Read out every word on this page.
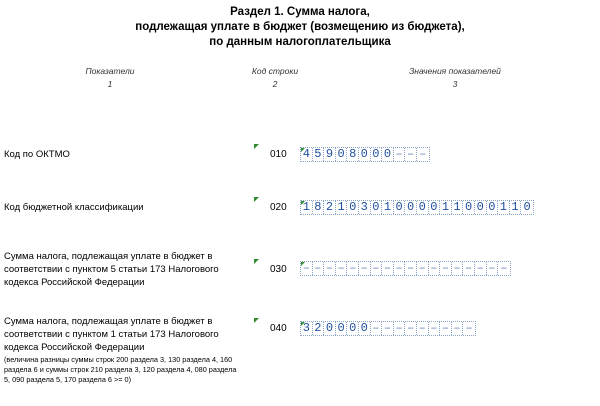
Раздел 1. Сумма налога,
подлежащая уплате в бюджет (возмещению из бюджета),
по данным налогоплательщика
Показатели
1
Код строки
2
Значения показателей
3
Код по ОКТМО	010 4 5 9 0 8 0 0 0 – – –
Код бюджетной классификации	020 1 8 2 1 0 3 0 1 0 0 0 0 1 1 0 0 0 1 1 0
Сумма налога, подлежащая уплате в бюджет в
соответствии с пунктом 5 статьи 173 Налогового
кодекса Российской Федерации
030 – – – – – – – – – – – – – – – – – –
Сумма налога, подлежащая уплате в бюджет в
соответствии с пунктом 1 статьи 173 Налогового
кодекса Российской Федерации
(величина разницы суммы строк 200 раздела 3, 130 раздела 4, 160
раздела 6 и суммы строк 210 раздела 3, 120 раздела 4, 080 раздела
5, 090 раздела 5, 170 раздела 6 >= 0)
040 3 2 0 0 0 0 – – – – – – – – –
